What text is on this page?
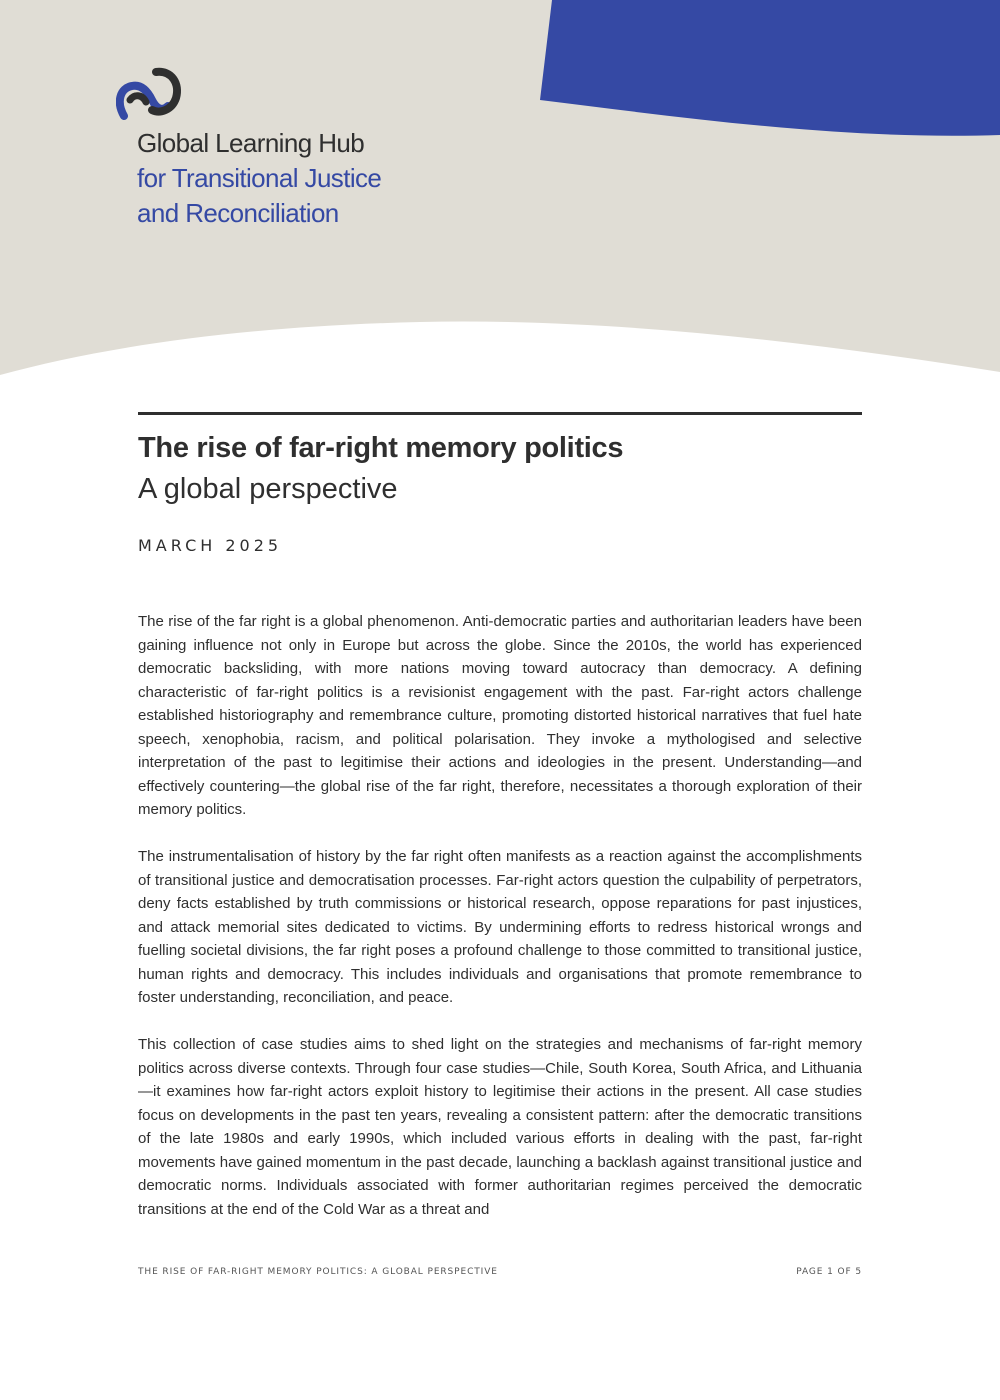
Global Learning Hub
for Transitional Justice
and Reconciliation
The rise of far-right memory politics
A global perspective
MARCH 2025

The rise of the far right is a global phenomenon. Anti-democratic parties and authoritarian leaders have been gaining influence not only in Europe but across the globe. Since the 2010s, the world has experienced democratic backsliding, with more nations moving toward autocracy than democracy. A defining characteristic of far-right politics is a revisionist engagement with the past. Far-right actors challenge established historiography and remembrance culture, promoting distorted historical narratives that fuel hate speech, xenophobia, racism, and political polarisation. They invoke a mythologised and selective interpretation of the past to legitimise their actions and ideologies in the present. Understanding—and effectively countering—the global rise of the far right, therefore, necessitates a thorough exploration of their memory politics.

The instrumentalisation of history by the far right often manifests as a reaction against the accomplishments of transitional justice and democratisation processes. Far-right actors question the culpability of perpetrators, deny facts established by truth commissions or historical research, oppose reparations for past injustices, and attack memorial sites dedicated to victims. By undermining efforts to redress historical wrongs and fuelling societal divisions, the far right poses a profound challenge to those committed to transitional justice, human rights and democracy. This includes individuals and organisations that promote remembrance to foster understanding, reconciliation, and peace.

This collection of case studies aims to shed light on the strategies and mechanisms of far-right memory politics across diverse contexts. Through four case studies—Chile, South Korea, South Africa, and Lithuania—it examines how far-right actors exploit history to legitimise their actions in the present. All case studies focus on developments in the past ten years, revealing a consistent pattern: after the democratic transitions of the late 1980s and early 1990s, which included various efforts in dealing with the past, far-right movements have gained momentum in the past decade, launching a backlash against transitional justice and democratic norms. Individuals associated with former authoritarian regimes perceived the democratic transitions at the end of the Cold War as a threat and

THE RISE OF FAR-RIGHT MEMORY POLITICS: A GLOBAL PERSPECTIVE	PAGE 1 OF 5
